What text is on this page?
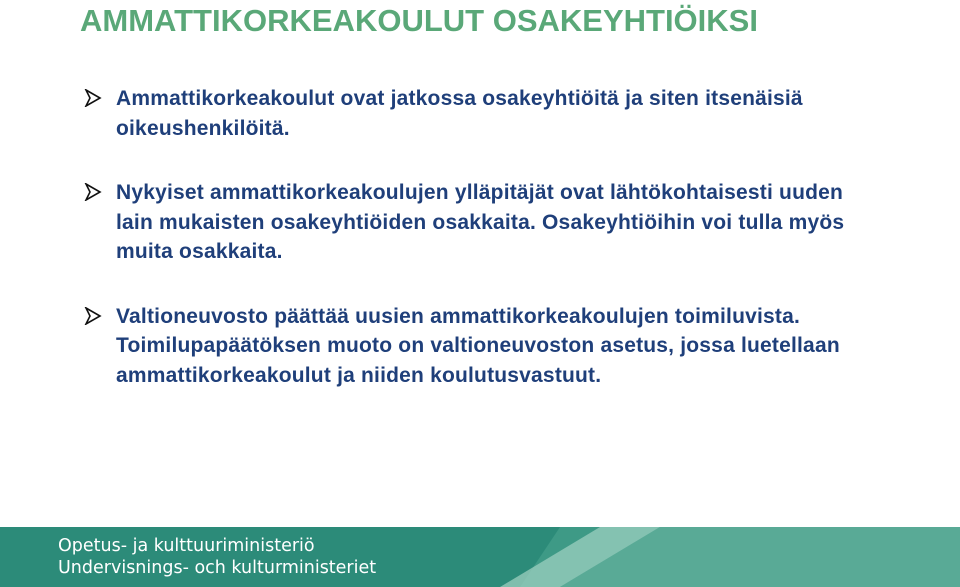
AMMATTIKORKEAKOULUT OSAKEYHTIÖIKSI
Ammattikorkeakoulut ovat jatkossa osakeyhtiöitä ja siten itsenäisiä oikeushenkilöitä.
Nykyiset ammattikorkeakoulujen ylläpitäjät ovat lähtökohtaisesti uuden lain mukaisten osakeyhtiöiden osakkaita. Osakeyhtiöihin voi tulla myös muita osakkaita.
Valtioneuvosto päättää uusien ammattikorkeakoulujen toimiluvista. Toimilupapäätöksen muoto on valtioneuvoston asetus, jossa luetellaan ammattikorkeakoulut ja niiden koulutusvastuut.
Opetus- ja kulttuuriministeriö
Undervisnings- och kulturministeriet
